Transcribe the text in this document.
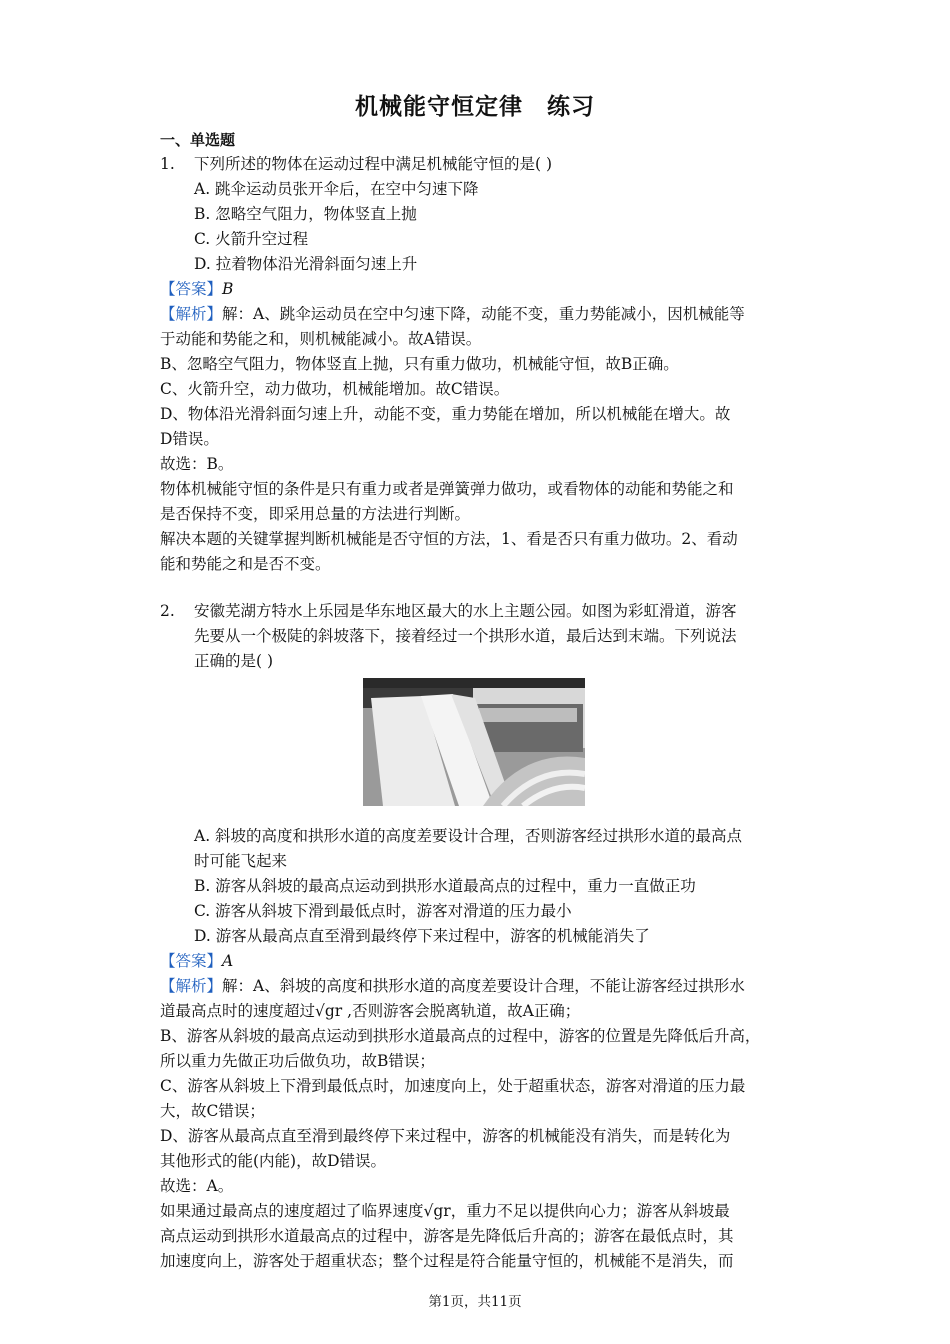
机械能守恒定律　练习
一、单选题
1. 下列所述的物体在运动过程中满足机械能守恒的是( )
A. 跳伞运动员张开伞后，在空中匀速下降
B. 忽略空气阻力，物体竖直上抛
C. 火箭升空过程
D. 拉着物体沿光滑斜面匀速上升
【答案】B
【解析】解：A、跳伞运动员在空中匀速下降，动能不变，重力势能减小，因机械能等
于动能和势能之和，则机械能减小。故A错误。
B、忽略空气阻力，物体竖直上抛，只有重力做功，机械能守恒，故B正确。
C、火箭升空，动力做功，机械能增加。故C错误。
D、物体沿光滑斜面匀速上升，动能不变，重力势能在增加，所以机械能在增大。故
D错误。
故选：B。
物体机械能守恒的条件是只有重力或者是弹簧弹力做功，或看物体的动能和势能之和
是否保持不变，即采用总量的方法进行判断。
解决本题的关键掌握判断机械能是否守恒的方法，1、看是否只有重力做功。2、看动
能和势能之和是否不变。
2. 安徽芜湖方特水上乐园是华东地区最大的水上主题公园。如图为彩虹滑道，游客
先要从一个极陡的斜坡落下，接着经过一个拱形水道，最后达到末端。下列说法
正确的是( )
A. 斜坡的高度和拱形水道的高度差要设计合理，否则游客经过拱形水道的最高点
时可能飞起来
B. 游客从斜坡的最高点运动到拱形水道最高点的过程中，重力一直做正功
C. 游客从斜坡下滑到最低点时，游客对滑道的压力最小
D. 游客从最高点直至滑到最终停下来过程中，游客的机械能消失了
【答案】A
【解析】解：A、斜坡的高度和拱形水道的高度差要设计合理，不能让游客经过拱形水
道最高点时的速度超过√gr ,否则游客会脱离轨道，故A正确；
B、游客从斜坡的最高点运动到拱形水道最高点的过程中，游客的位置是先降低后升高，
所以重力先做正功后做负功，故B错误；
C、游客从斜坡上下滑到最低点时，加速度向上，处于超重状态，游客对滑道的压力最
大，故C错误；
D、游客从最高点直至滑到最终停下来过程中，游客的机械能没有消失，而是转化为
其他形式的能(内能)，故D错误。
故选：A。
如果通过最高点的速度超过了临界速度√gr，重力不足以提供向心力；游客从斜坡最
高点运动到拱形水道最高点的过程中，游客是先降低后升高的；游客在最低点时，其
加速度向上，游客处于超重状态；整个过程是符合能量守恒的，机械能不是消失，而
第1页，共11页
